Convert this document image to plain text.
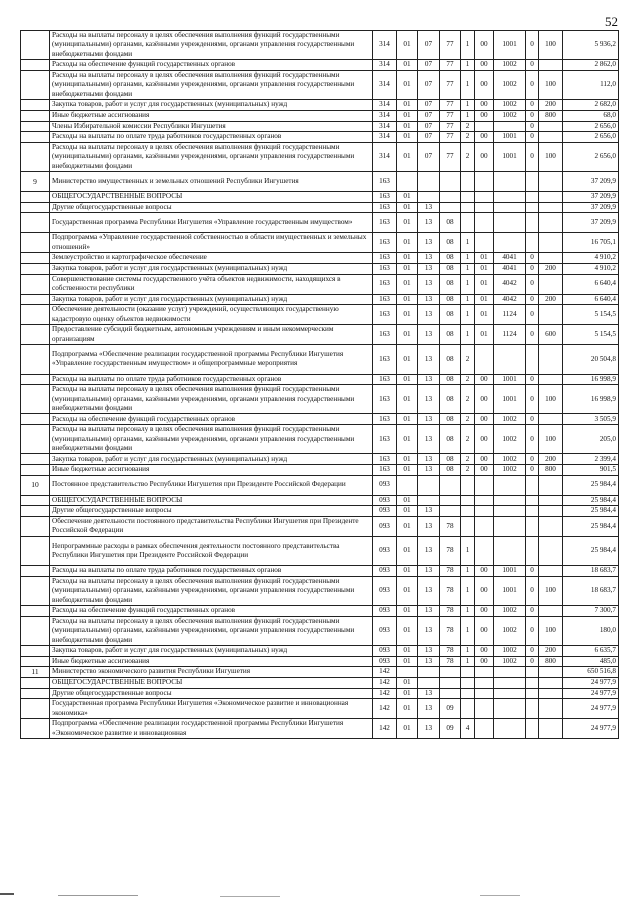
52
	Расходы на выплаты персоналу в целях обеспечения выполнения функций государственными (муниципальными) органами, казёнными учреждениями, органами управления государственными внебюджетными фондами	314	01	07	77	1	00	1001	0	100	5 936,2
	Расходы на обеспечение функций государственных органов	314	01	07	77	1	00	1002	0		2 862,0
	Расходы на выплаты персоналу в целях обеспечения выполнения функций государственными (муниципальными) органами, казёнными учреждениями, органами управления государственными внебюджетными фондами	314	01	07	77	1	00	1002	0	100	112,0
	Закупка товаров, работ и услуг для государственных (муниципальных) нужд	314	01	07	77	1	00	1002	0	200	2 682,0
	Иные бюджетные ассигнования	314	01	07	77	1	00	1002	0	800	68,0
	Члены Избирательной комиссии Республики Ингушетия	314	01	07	77	2			0		2 656,0
	Расходы на выплаты по оплате труда работников государственных органов	314	01	07	77	2	00	1001	0		2 656,0
	Расходы на выплаты персоналу в целях обеспечения выполнения функций государственными (муниципальными) органами, казёнными учреждениями, органами управления государственными внебюджетными фондами	314	01	07	77	2	00	1001	0	100	2 656,0
9	Министерство имущественных и земельных отношений Республики Ингушетия	163									37 209,9
	ОБЩЕГОСУДАРСТВЕННЫЕ ВОПРОСЫ	163	01								37 209,9
	Другие общегосударственные вопросы	163	01	13							37 209,9
	Государственная программа Республики Ингушетия «Управление государственным имуществом»	163	01	13	08						37 209,9
	Подпрограмма «Управление государственной собственностью в области имущественных и земельных отношений»	163	01	13	08	1					16 705,1
	Землеустройство и картографическое обеспечение	163	01	13	08	1	01	4041	0		4 910,2
	Закупка товаров, работ и услуг для государственных (муниципальных) нужд	163	01	13	08	1	01	4041	0	200	4 910,2
	Совершенствование системы государственного учёта объектов недвижимости, находящихся в собственности республики	163	01	13	08	1	01	4042	0		6 640,4
	Закупка товаров, работ и услуг для государственных (муниципальных) нужд	163	01	13	08	1	01	4042	0	200	6 640,4
	Обеспечение деятельности (оказание услуг) учреждений, осуществляющих государственную кадастровую оценку объектов недвижимости	163	01	13	08	1	01	1124	0		5 154,5
	Предоставление субсидий бюджетным, автономным учреждениям и иным некоммерческим организациям	163	01	13	08	1	01	1124	0	600	5 154,5
	Подпрограмма «Обеспечение реализации государственной программы Республики Ингушетия «Управление государственным имуществом» и общепрограммные мероприятия	163	01	13	08	2					20 504,8
	Расходы на выплаты по оплате труда работников государственных органов	163	01	13	08	2	00	1001	0		16 998,9
	Расходы на выплаты персоналу в целях обеспечения выполнения функций государственными (муниципальными) органами, казёнными учреждениями, органами управления государственными внебюджетными фондами	163	01	13	08	2	00	1001	0	100	16 998,9
	Расходы на обеспечение функций государственных органов	163	01	13	08	2	00	1002	0		3 505,9
	Расходы на выплаты персоналу в целях обеспечения выполнения функций государственными (муниципальными) органами, казёнными учреждениями, органами управления государственными внебюджетными фондами	163	01	13	08	2	00	1002	0	100	205,0
	Закупка товаров, работ и услуг для государственных (муниципальных) нужд	163	01	13	08	2	00	1002	0	200	2 399,4
	Иные бюджетные ассигнования	163	01	13	08	2	00	1002	0	800	901,5
10	Постоянное представительство Республики Ингушетия при Президенте Российской Федерации	093									25 984,4
	ОБЩЕГОСУДАРСТВЕННЫЕ ВОПРОСЫ	093	01								25 984,4
	Другие общегосударственные вопросы	093	01	13							25 984,4
	Обеспечение деятельности постоянного представительства Республики Ингушетия при Президенте Российской Федерации	093	01	13	78						25 984,4
	Непрограммные расходы в рамках обеспечения деятельности постоянного представительства Республики Ингушетия при Президенте Российской Федерации	093	01	13	78	1					25 984,4
	Расходы на выплаты по оплате труда работников государственных органов	093	01	13	78	1	00	1001	0		18 683,7
	Расходы на выплаты персоналу в целях обеспечения выполнения функций государственными (муниципальными) органами, казёнными учреждениями, органами управления государственными внебюджетными фондами	093	01	13	78	1	00	1001	0	100	18 683,7
	Расходы на обеспечение функций государственных органов	093	01	13	78	1	00	1002	0		7 300,7
	Расходы на выплаты персоналу в целях обеспечения выполнения функций государственными (муниципальными) органами, казёнными учреждениями, органами управления государственными внебюджетными фондами	093	01	13	78	1	00	1002	0	100	180,0
	Закупка товаров, работ и услуг для государственных (муниципальных) нужд	093	01	13	78	1	00	1002	0	200	6 635,7
	Иные бюджетные ассигнования	093	01	13	78	1	00	1002	0	800	485,0
11	Министерство экономического развития Республики Ингушетия	142									650 516,8
	ОБЩЕГОСУДАРСТВЕННЫЕ ВОПРОСЫ	142	01								24 977,9
	Другие общегосударственные вопросы	142	01	13							24 977,9
	Государственная программа Республики Ингушетия «Экономическое развитие и инновационная экономика»	142	01	13	09						24 977,9
	Подпрограмма «Обеспечение реализации государственной программы Республики Ингушетия «Экономическое развитие и инновационная	142	01	13	09	4					24 977,9
